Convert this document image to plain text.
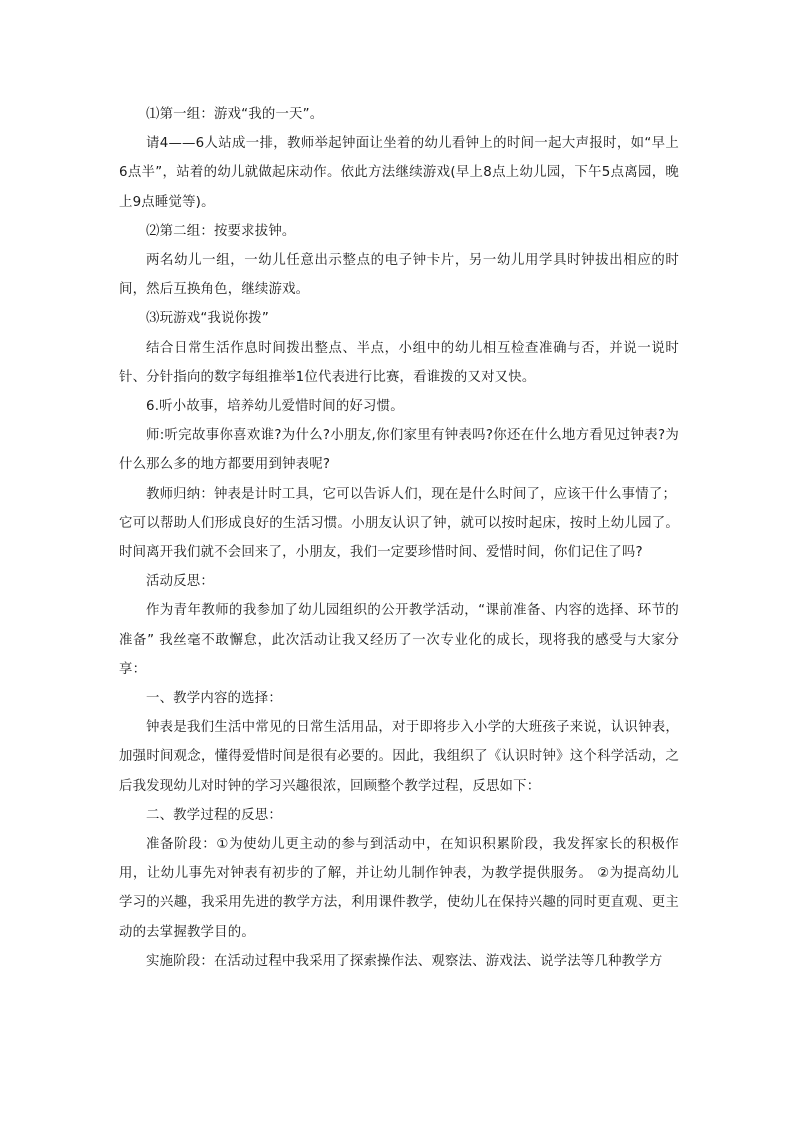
⑴第一组：游戏“我的一天”。

请4——6人站成一排，教师举起钟面让坐着的幼儿看钟上的时间一起大声报时，如“早上6点半”，站着的幼儿就做起床动作。依此方法继续游戏(早上8点上幼儿园，下午5点离园，晚上9点睡觉等)。

⑵第二组：按要求拔钟。

两名幼儿一组，一幼儿任意出示整点的电子钟卡片，另一幼儿用学具时钟拔出相应的时间，然后互换角色，继续游戏。

⑶玩游戏“我说你拨”

结合日常生活作息时间拨出整点、半点，小组中的幼儿相互检查准确与否，并说一说时针、分针指向的数字每组推举1位代表进行比赛，看谁拨的又对又快。

6.听小故事，培养幼儿爱惜时间的好习惯。

师:听完故事你喜欢谁?为什么?小朋友,你们家里有钟表吗?你还在什么地方看见过钟表?为什么那么多的地方都要用到钟表呢?

教师归纳：钟表是计时工具，它可以告诉人们，现在是什么时间了，应该干什么事情了；

它可以帮助人们形成良好的生活习惯。小朋友认识了钟，就可以按时起床，按时上幼儿园了。时间离开我们就不会回来了，小朋友，我们一定要珍惜时间、爱惜时间，你们记住了吗?

活动反思：

作为青年教师的我参加了幼儿园组织的公开教学活动，“课前准备、内容的选择、环节的准备” 我丝毫不敢懈怠，此次活动让我又经历了一次专业化的成长，现将我的感受与大家分享：

一、教学内容的选择：

钟表是我们生活中常见的日常生活用品，对于即将步入小学的大班孩子来说，认识钟表，加强时间观念，懂得爱惜时间是很有必要的。因此，我组织了《认识时钟》这个科学活动，之后我发现幼儿对时钟的学习兴趣很浓，回顾整个教学过程，反思如下：

二、教学过程的反思：

准备阶段：①为使幼儿更主动的参与到活动中，在知识积累阶段，我发挥家长的积极作用，让幼儿事先对钟表有初步的了解，并让幼儿制作钟表，为教学提供服务。 ②为提高幼儿学习的兴趣，我采用先进的教学方法，利用课件教学，使幼儿在保持兴趣的同时更直观、更主动的去掌握教学目的。

实施阶段：在活动过程中我采用了探索操作法、观察法、游戏法、说学法等几种教学方
